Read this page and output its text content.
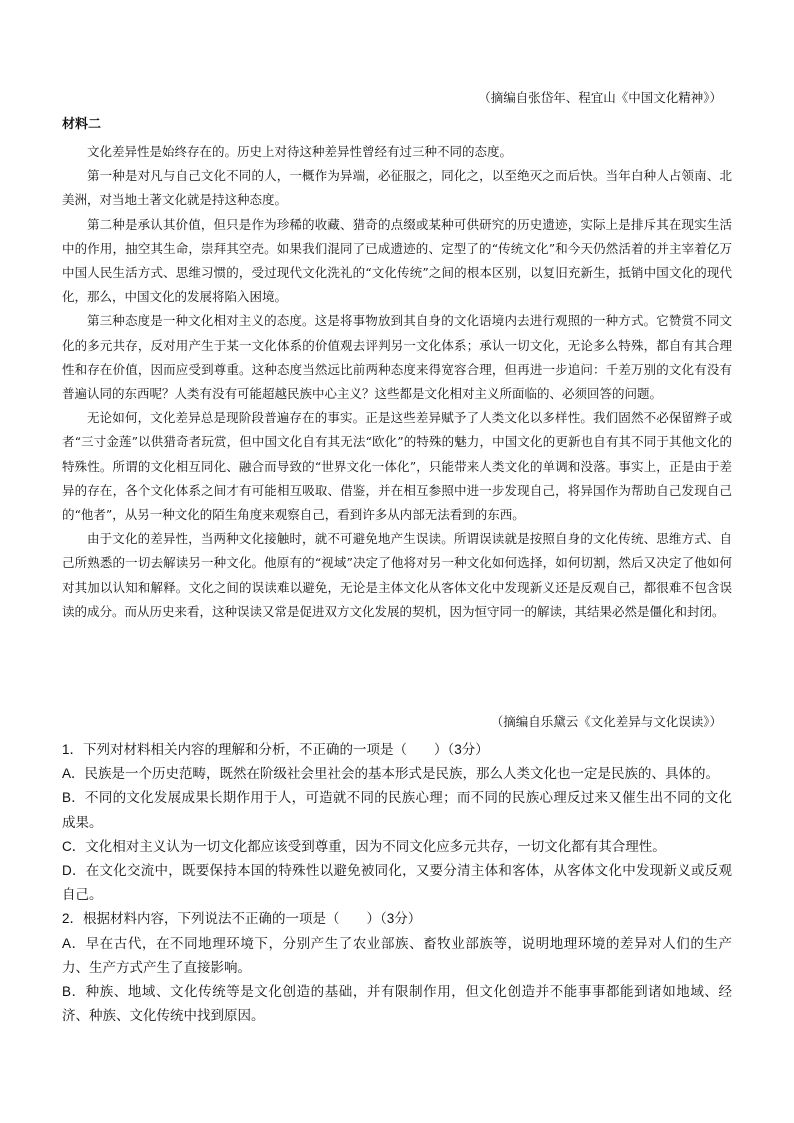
（摘编自张岱年、程宜山《中国文化精神》）
材料二

文化差异性是始终存在的。历史上对待这种差异性曾经有过三种不同的态度。

第一种是对凡与自己文化不同的人，一概作为异端，必征服之，同化之，以至绝灭之而后快。当年白种人占领南、北美洲，对当地土著文化就是持这种态度。

第二种是承认其价值，但只是作为珍稀的收藏、猎奇的点缀或某种可供研究的历史遗迹，实际上是排斥其在现实生活中的作用，抽空其生命，崇拜其空壳。如果我们混同了已成遗迹的、定型了的“传统文化”和今天仍然活着的并主宰着亿万中国人民生活方式、思维习惯的，受过现代文化洗礼的“文化传统”之间的根本区别，以复旧充新生，抵销中国文化的现代化，那么，中国文化的发展将陷入困境。

第三种态度是一种文化相对主义的态度。这是将事物放到其自身的文化语境内去进行观照的一种方式。它赞赏不同文化的多元共存，反对用产生于某一文化体系的价值观去评判另一文化体系；承认一切文化，无论多么特殊，都自有其合理性和存在价值，因而应受到尊重。这种态度当然远比前两种态度来得宽容合理，但再进一步追问：千差万别的文化有没有普遍认同的东西呢？人类有没有可能超越民族中心主义？这些都是文化相对主义所面临的、必须回答的问题。

无论如何，文化差异总是现阶段普遍存在的事实。正是这些差异赋予了人类文化以多样性。我们固然不必保留辫子或者“三寸金莲”以供猎奇者玩赏，但中国文化自有其无法“欧化”的特殊的魅力，中国文化的更新也自有其不同于其他文化的特殊性。所谓的文化相互同化、融合而导致的“世界文化一体化”，只能带来人类文化的单调和没落。事实上，正是由于差异的存在，各个文化体系之间才有可能相互吸取、借鉴，并在相互参照中进一步发现自己，将异国作为帮助自己发现自己的“他者”，从另一种文化的陌生角度来观察自己，看到许多从内部无法看到的东西。

由于文化的差异性，当两种文化接触时，就不可避免地产生误读。所谓误读就是按照自身的文化传统、思维方式、自己所熟悉的一切去解读另一种文化。他原有的“视域”决定了他将对另一种文化如何选择，如何切割，然后又决定了他如何对其加以认知和解释。文化之间的误读难以避免，无论是主体文化从客体文化中发现新义还是反观自己，都很难不包含误读的成分。而从历史来看，这种误读又常是促进双方文化发展的契机，因为恒守同一的解读，其结果必然是僵化和封闭。

（摘编自乐黛云《文化差异与文化误读》）

1．下列对材料相关内容的理解和分析，不正确的一项是（　　）（3分）

A．民族是一个历史范畴，既然在阶级社会里社会的基本形式是民族，那么人类文化也一定是民族的、具体的。

B．不同的文化发展成果长期作用于人，可造就不同的民族心理；而不同的民族心理反过来又催生出不同的文化成果。

C．文化相对主义认为一切文化都应该受到尊重，因为不同文化应多元共存，一切文化都有其合理性。

D．在文化交流中，既要保持本国的特殊性以避免被同化，又要分清主体和客体，从客体文化中发现新义或反观自己。

2．根据材料内容，下列说法不正确的一项是（　　）（3分）

A．早在古代，在不同地理环境下，分别产生了农业部族、畜牧业部族等，说明地理环境的差异对人们的生产力、生产方式产生了直接影响。

B．种族、地域、文化传统等是文化创造的基础，并有限制作用，但文化创造并不能事事都能到诸如地域、经济、种族、文化传统中找到原因。
